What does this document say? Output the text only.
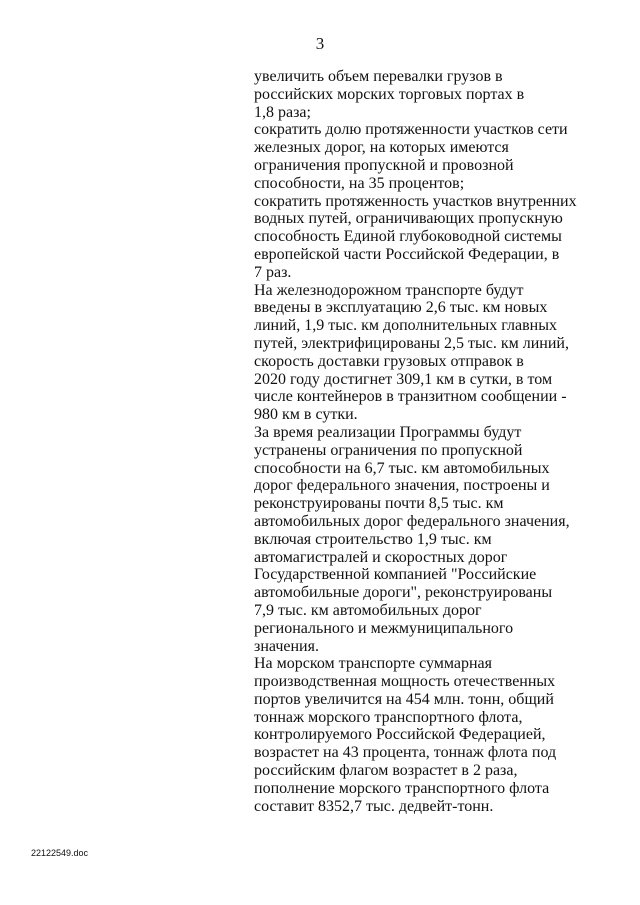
3
увеличить объем перевалки грузов в
российских морских торговых портах в
1,8 раза;
сократить долю протяженности участков сети
железных дорог, на которых имеются
ограничения пропускной и провозной
способности, на 35 процентов;
сократить протяженность участков внутренних
водных путей, ограничивающих пропускную
способность Единой глубоководной системы
европейской части Российской Федерации, в
7 раз.
На железнодорожном транспорте будут
введены в эксплуатацию 2,6 тыс. км новых
линий, 1,9 тыс. км дополнительных главных
путей, электрифицированы 2,5 тыс. км линий,
скорость доставки грузовых отправок в
2020 году достигнет 309,1 км в сутки, в том
числе контейнеров в транзитном сообщении -
980 км в сутки.
За время реализации Программы будут
устранены ограничения по пропускной
способности на 6,7 тыс. км автомобильных
дорог федерального значения, построены и
реконструированы почти 8,5 тыс. км
автомобильных дорог федерального значения,
включая строительство 1,9 тыс. км
автомагистралей и скоростных дорог
Государственной компанией "Российские
автомобильные дороги", реконструированы
7,9 тыс. км автомобильных дорог
регионального и межмуниципального
значения.
На морском транспорте суммарная
производственная мощность отечественных
портов увеличится на 454 млн. тонн, общий
тоннаж морского транспортного флота,
контролируемого Российской Федерацией,
возрастет на 43 процента, тоннаж флота под
российским флагом возрастет в 2 раза,
пополнение морского транспортного флота
составит 8352,7 тыс. дедвейт-тонн.
22122549.doc
